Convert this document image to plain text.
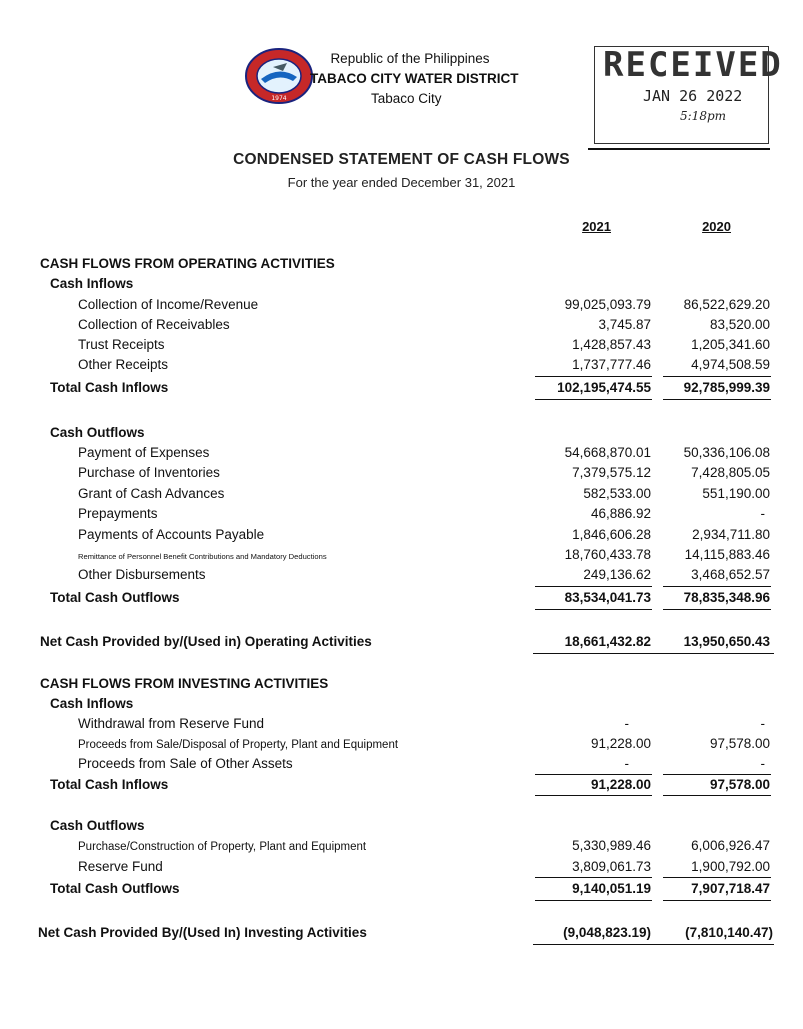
1974
Republic of the Philippines
TABACO CITY WATER DISTRICT
Tabaco City
RECEIVED
JAN 26 2022
5:18pm
CONDENSED STATEMENT OF CASH FLOWS
For the year ended December 31, 2021
2021	2020
CASH FLOWS FROM OPERATING ACTIVITIES
Cash Inflows
Collection of Income/Revenue	99,025,093.79 86,522,629.20
Collection of Receivables	3,745.87	83,520.00
Trust Receipts	1,428,857.43	1,205,341.60
Other Receipts	1,737,777.46	4,974,508.59
Total Cash Inflows	102,195,474.55 92,785,999.39
Cash Outflows
Payment of Expenses	54,668,870.01 50,336,106.08
Purchase of Inventories	7,379,575.12	7,428,805.05
Grant of Cash Advances	582,533.00	551,190.00
Prepayments	46,886.92	-
Payments of Accounts Payable	1,846,606.28	2,934,711.80
Remittance of Personnel Benefit Contributions and Mandatory Deductions	18,760,433.78 14,115,883.46
Other Disbursements	249,136.62	3,468,652.57
Total Cash Outflows	83,534,041.73 78,835,348.96
Net Cash Provided by/(Used in) Operating Activities	18,661,432.82 13,950,650.43
CASH FLOWS FROM INVESTING ACTIVITIES
Cash Inflows
Withdrawal from Reserve Fund	-	-
Proceeds from Sale/Disposal of Property, Plant and Equipment	91,228.00	97,578.00
Proceeds from Sale of Other Assets	-	-
Total Cash Inflows	91,228.00	97,578.00
Cash Outflows
Purchase/Construction of Property, Plant and Equipment	5,330,989.46	6,006,926.47
Reserve Fund	3,809,061.73	1,900,792.00
Total Cash Outflows	9,140,051.19	7,907,718.47
Net Cash Provided By/(Used In) Investing Activities	(9,048,823.19)	(7,810,140.47)
